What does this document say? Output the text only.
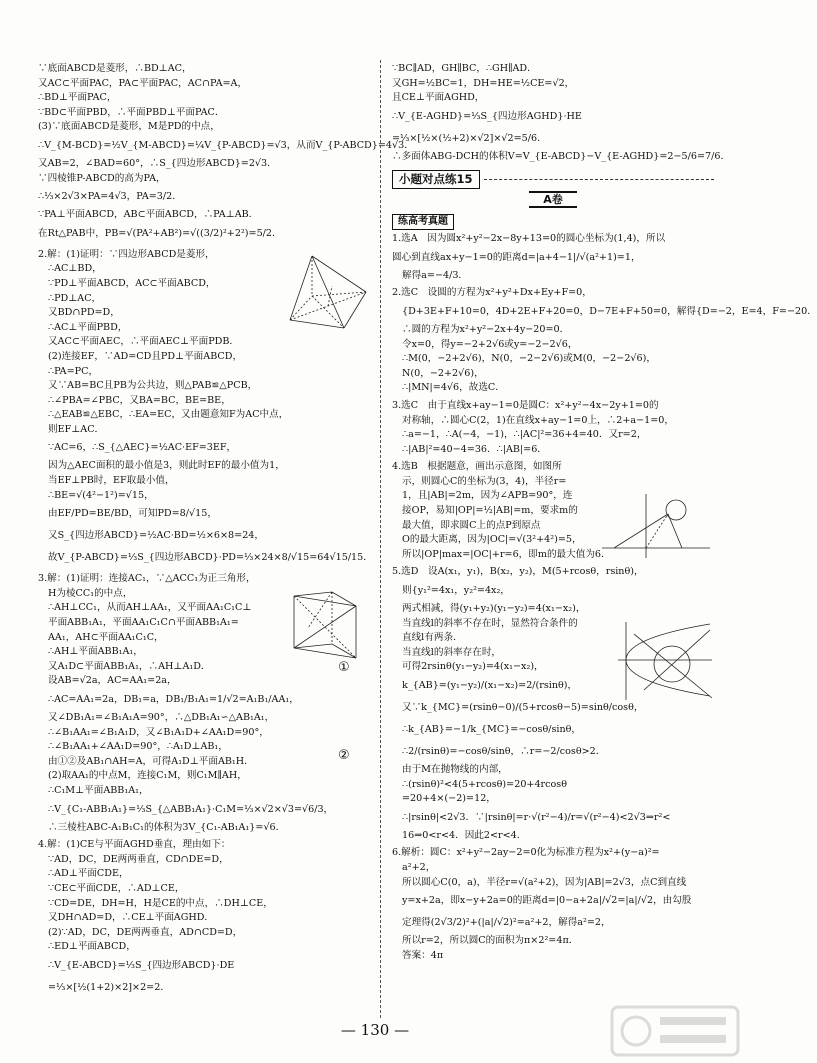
∵底面ABCD是菱形，∴BD⊥AC，
又AC⊂平面PAC，PA⊂平面PAC，AC∩PA=A，
∴BD⊥平面PAC，
∵BD⊂平面PBD，∴平面PBD⊥平面PAC．
(3)∵底面ABCD是菱形，M是PD的中点，
∴V_{M-BCD}=½V_{M-ABCD}=¼V_{P-ABCD}=√3，从而V_{P-ABCD}=4√3．
又AB=2，∠BAD=60°，∴S_{四边形ABCD}=2√3．
∵四棱锥P-ABCD的高为PA，
∴⅓×2√3×PA=4√3，PA=3/2．
∵PA⊥平面ABCD，AB⊂平面ABCD，∴PA⊥AB．
在Rt△PAB中，PB=√(PA²+AB²)=√((3/2)²+2²)=5/2．
2.解：(1)证明：∵四边形ABCD是菱形，
∴AC⊥BD，
∵PD⊥平面ABCD，AC⊂平面ABCD，
∴PD⊥AC，
又BD∩PD=D，
∴AC⊥平面PBD，
又AC⊂平面AEC，∴平面AEC⊥平面PDB．
(2)连接EF，∵AD=CD且PD⊥平面ABCD，
∴PA=PC，
又∵AB=BC且PB为公共边，则△PAB≌△PCB，
∴∠PBA=∠PBC，又BA=BC，BE=BE，
∴△EAB≌△EBC，∴EA=EC，又由题意知F为AC中点，
则EF⊥AC．
∵AC=6，∴S_{△AEC}=½AC·EF=3EF，
因为△AEC面积的最小值是3，则此时EF的最小值为1，
当EF⊥PB时，EF取最小值，
∴BE=√(4²−1²)=√15，
由EF/PD=BE/BD，可知PD=8/√15，
又S_{四边形ABCD}=½AC·BD=½×6×8=24，
故V_{P-ABCD}=⅓S_{四边形ABCD}·PD=⅓×24×8/√15=64√15/15．
3.解：(1)证明：连接AC₁，∵△ACC₁为正三角形，
H为棱CC₁的中点，
∴AH⊥CC₁，从而AH⊥AA₁，又平面AA₁C₁C⊥
平面ABB₁A₁，平面AA₁C₁C∩平面ABB₁A₁=
AA₁，AH⊂平面AA₁C₁C，
∴AH⊥平面ABB₁A₁，
又A₁D⊂平面ABB₁A₁，∴AH⊥A₁D．
设AB=√2a，AC=AA₁=2a，
∴AC=AA₁=2a，DB₁=a，DB₁/B₁A₁=1/√2=A₁B₁/AA₁，
又∠DB₁A₁=∠B₁A₁A=90°，∴△DB₁A₁∽△AB₁A₁，
∴∠B₁AA₁=∠B₁A₁D，又∠B₁A₁D+∠AA₁D=90°，
∴∠B₁AA₁+∠AA₁D=90°，∴A₁D⊥AB₁，
由①②及AB₁∩AH=A，可得A₁D⊥平面AB₁H．
(2)取AA₁的中点M，连接C₁M，则C₁M∥AH，
∴C₁M⊥平面ABB₁A₁，
∴V_{C₁-ABB₁A₁}=⅓S_{△ABB₁A₁}·C₁M=⅓×√2×√3=√6/3，
∴三棱柱ABC-A₁B₁C₁的体积为3V_{C₁-AB₁A₁}=√6．
4.解：(1)CE与平面AGHD垂直，理由如下：
∵AD，DC，DE两两垂直，CD∩DE=D，
∴AD⊥平面CDE，
∵CE⊂平面CDE，∴AD⊥CE，
∵CD=DE，DH=H，H是CE的中点，∴DH⊥CE，
又DH∩AD=D，∴CE⊥平面AGHD．
(2)∵AD，DC，DE两两垂直，AD∩CD=D，
∴ED⊥平面ABCD，
∴V_{E-ABCD}=⅓S_{四边形ABCD}·DE
=⅓×[½(1+2)×2]×2=2．
∵BC∥AD，GH∥BC，∴GH∥AD．
又GH=½BC=1，DH=HE=½CE=√2，
且CE⊥平面AGHD，
∴V_{E-AGHD}=⅓S_{四边形AGHD}·HE
=⅓×[½×(½+2)×√2]×√2=5/6．
∴多面体ABG-DCH的体积V=V_{E-ABCD}−V_{E-AGHD}=2−5/6=7/6．
小题对点练15
A卷
练高考真题
1.选A　因为圆x²+y²−2x−8y+13=0的圆心坐标为(1,4)，所以
圆心到直线ax+y−1=0的距离d=|a+4−1|/√(a²+1)=1，
解得a=−4/3．
2.选C　设圆的方程为x²+y²+Dx+Ey+F=0，
{D+3E+F+10=0，4D+2E+F+20=0，D−7E+F+50=0，解得{D=−2，E=4，F=−20．
∴圆的方程为x²+y²−2x+4y−20=0．
令x=0，得y=−2+2√6或y=−2−2√6，
∴M(0，−2+2√6)，N(0，−2−2√6)或M(0，−2−2√6)，
N(0，−2+2√6)，
∴|MN|=4√6，故选C．
3.选C　由于直线x+ay−1=0是圆C：x²+y²−4x−2y+1=0的
对称轴，∴圆心C(2，1)在直线x+ay−1=0上，∴2+a−1=0，
∴a=−1，∴A(−4，−1)，∴|AC|²=36+4=40．又r=2，
∴|AB|²=40−4=36．∴|AB|=6．
4.选B　根据题意，画出示意图，如图所
示，则圆心C的坐标为(3，4)，半径r=
1，且|AB|=2m，因为∠APB=90°，连
接OP，易知|OP|=½|AB|=m，要求m的
最大值，即求圆C上的点P到原点
O的最大距离，因为|OC|=√(3²+4²)=5，
所以|OP|max=|OC|+r=6，即m的最大值为6．
5.选D　设A(x₁，y₁)，B(x₂，y₂)，M(5+rcosθ，rsinθ)，
则{y₁²=4x₁，y₂²=4x₂，
两式相减，得(y₁+y₂)(y₁−y₂)=4(x₁−x₂)，
当直线l的斜率不存在时，显然符合条件的
直线l有两条．
当直线l的斜率存在时，
可得2rsinθ(y₁−y₂)=4(x₁−x₂)，
k_{AB}=(y₁−y₂)/(x₁−x₂)=2/(rsinθ)，
又∵k_{MC}=(rsinθ−0)/(5+rcosθ−5)=sinθ/cosθ，
∴k_{AB}=−1/k_{MC}=−cosθ/sinθ，
∴2/(rsinθ)=−cosθ/sinθ，∴r=−2/cosθ>2．
由于M在抛物线的内部，
∴(rsinθ)²<4(5+rcosθ)=20+4rcosθ
=20+4×(−2)=12，
∴|rsinθ|<2√3．∵|rsinθ|=r·√(r²−4)/r=√(r²−4)<2√3⇒r²<
16⇒0<r<4．因此2<r<4．
6.解析：圆C：x²+y²−2ay−2=0化为标准方程为x²+(y−a)²=
a²+2，
所以圆心C(0，a)，半径r=√(a²+2)，因为|AB|=2√3，点C到直线
y=x+2a，即x−y+2a=0的距离d=|0−a+2a|/√2=|a|/√2，由勾股
定理得(2√3/2)²+(|a|/√2)²=a²+2，解得a²=2，
所以r=2，所以圆C的面积为π×2²=4π．
答案：4π
①
②
— 130 —
